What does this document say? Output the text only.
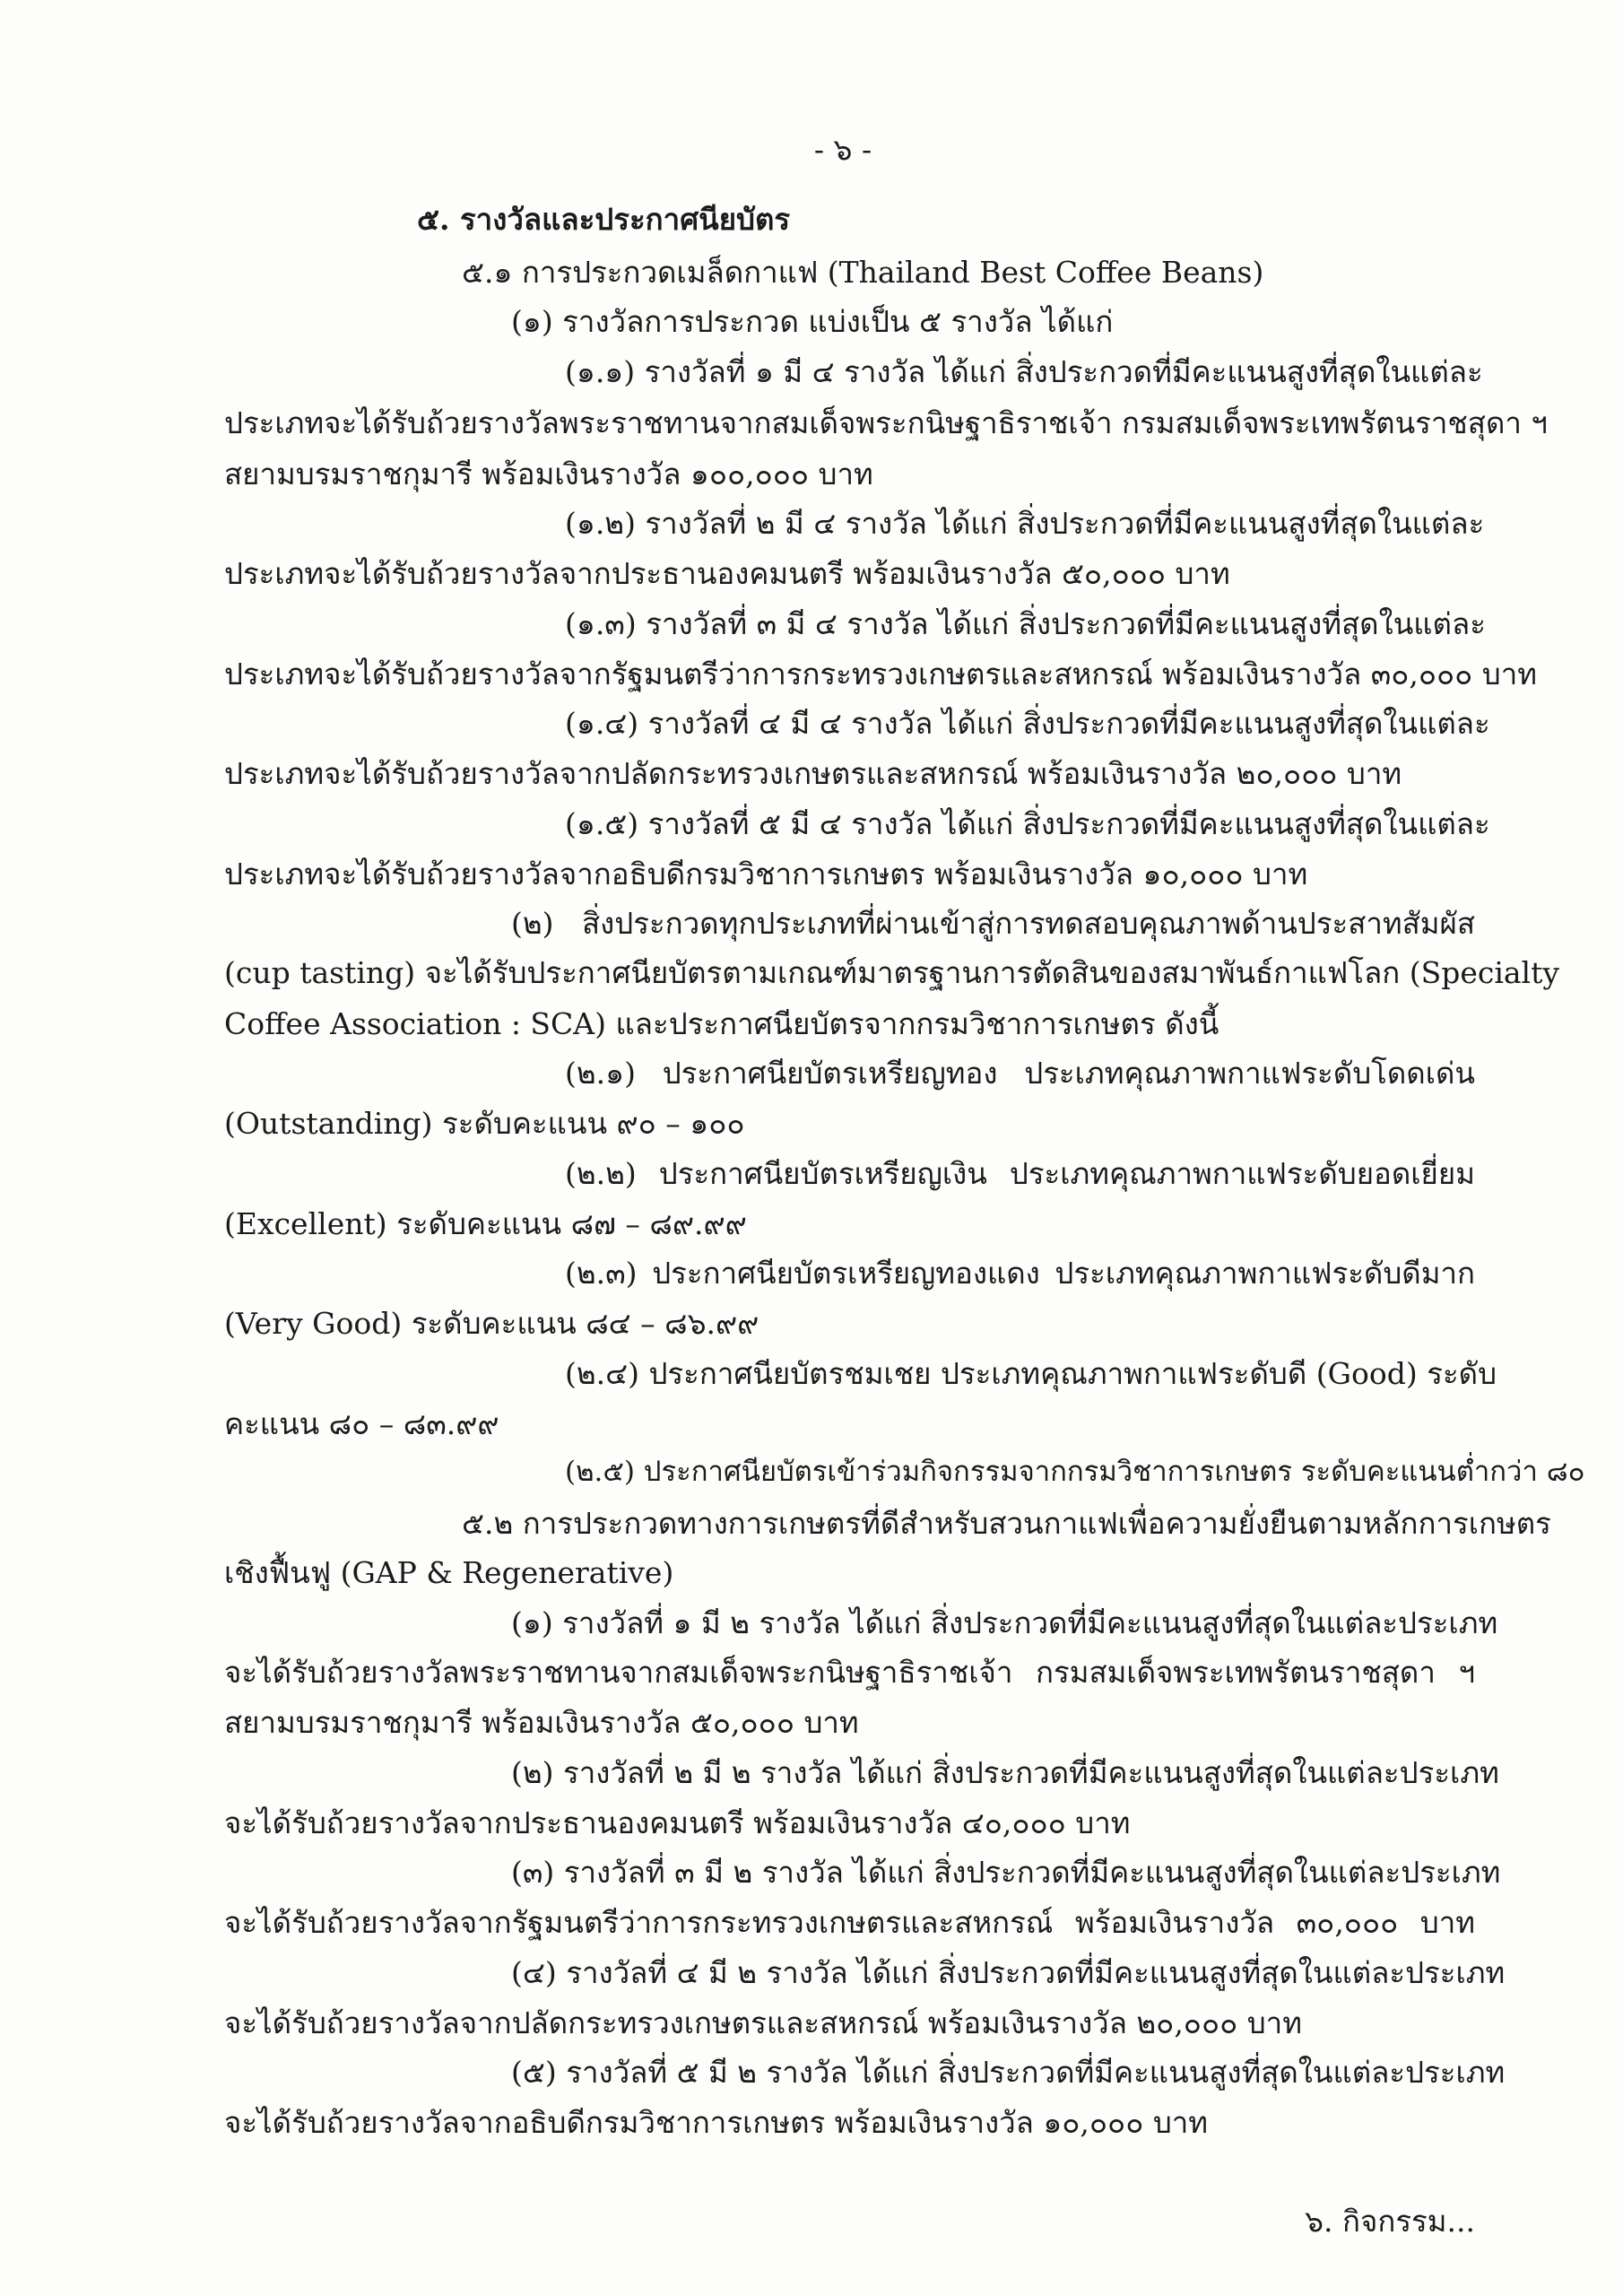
- ๖ -
๕. รางวัลและประกาศนียบัตร
๕.๑ การประกวดเมล็ดกาแฟ (Thailand Best Coffee Beans)
(๑) รางวัลการประกวด แบ่งเป็น ๕ รางวัล ได้แก่
(๑.๑) รางวัลที่ ๑ มี ๔ รางวัล ได้แก่ สิ่งประกวดที่มีคะแนนสูงที่สุดในแต่ละ
ประเภทจะได้รับถ้วยรางวัลพระราชทานจากสมเด็จพระกนิษฐาธิราชเจ้า กรมสมเด็จพระเทพรัตนราชสุดา ฯ
สยามบรมราชกุมารี พร้อมเงินรางวัล ๑๐๐,๐๐๐ บาท
(๑.๒) รางวัลที่ ๒ มี ๔ รางวัล ได้แก่ สิ่งประกวดที่มีคะแนนสูงที่สุดในแต่ละ
ประเภทจะได้รับถ้วยรางวัลจากประธานองคมนตรี พร้อมเงินรางวัล ๕๐,๐๐๐ บาท
(๑.๓) รางวัลที่ ๓ มี ๔ รางวัล ได้แก่ สิ่งประกวดที่มีคะแนนสูงที่สุดในแต่ละ
ประเภทจะได้รับถ้วยรางวัลจากรัฐมนตรีว่าการกระทรวงเกษตรและสหกรณ์ พร้อมเงินรางวัล ๓๐,๐๐๐ บาท
(๑.๔) รางวัลที่ ๔ มี ๔ รางวัล ได้แก่ สิ่งประกวดที่มีคะแนนสูงที่สุดในแต่ละ
ประเภทจะได้รับถ้วยรางวัลจากปลัดกระทรวงเกษตรและสหกรณ์ พร้อมเงินรางวัล ๒๐,๐๐๐ บาท
(๑.๕) รางวัลที่ ๕ มี ๔ รางวัล ได้แก่ สิ่งประกวดที่มีคะแนนสูงที่สุดในแต่ละ
ประเภทจะได้รับถ้วยรางวัลจากอธิบดีกรมวิชาการเกษตร พร้อมเงินรางวัล ๑๐,๐๐๐ บาท
(๒) สิ่งประกวดทุกประเภทที่ผ่านเข้าสู่การทดสอบคุณภาพด้านประสาทสัมผัส
(cup tasting) จะได้รับประกาศนียบัตรตามเกณฑ์มาตรฐานการตัดสินของสมาพันธ์กาแฟโลก (Specialty
Coffee Association : SCA) และประกาศนียบัตรจากกรมวิชาการเกษตร ดังนี้
(๒.๑) ประกาศนียบัตรเหรียญทอง ประเภทคุณภาพกาแฟระดับโดดเด่น
(Outstanding) ระดับคะแนน ๙๐ – ๑๐๐
(๒.๒) ประกาศนียบัตรเหรียญเงิน ประเภทคุณภาพกาแฟระดับยอดเยี่ยม
(Excellent) ระดับคะแนน ๘๗ – ๘๙.๙๙
(๒.๓) ประกาศนียบัตรเหรียญทองแดง ประเภทคุณภาพกาแฟระดับดีมาก
(Very Good) ระดับคะแนน ๘๔ – ๘๖.๙๙
(๒.๔) ประกาศนียบัตรชมเชย ประเภทคุณภาพกาแฟระดับดี (Good) ระดับ
คะแนน ๘๐ – ๘๓.๙๙
(๒.๕) ประกาศนียบัตรเข้าร่วมกิจกรรมจากกรมวิชาการเกษตร ระดับคะแนนต่ำกว่า ๘๐
๕.๒ การประกวดทางการเกษตรที่ดีสำหรับสวนกาแฟเพื่อความยั่งยืนตามหลักการเกษตร
เชิงฟื้นฟู (GAP & Regenerative)
(๑) รางวัลที่ ๑ มี ๒ รางวัล ได้แก่ สิ่งประกวดที่มีคะแนนสูงที่สุดในแต่ละประเภท
จะได้รับถ้วยรางวัลพระราชทานจากสมเด็จพระกนิษฐาธิราชเจ้า กรมสมเด็จพระเทพรัตนราชสุดา ฯ
สยามบรมราชกุมารี พร้อมเงินรางวัล ๕๐,๐๐๐ บาท
(๒) รางวัลที่ ๒ มี ๒ รางวัล ได้แก่ สิ่งประกวดที่มีคะแนนสูงที่สุดในแต่ละประเภท
จะได้รับถ้วยรางวัลจากประธานองคมนตรี พร้อมเงินรางวัล ๔๐,๐๐๐ บาท
(๓) รางวัลที่ ๓ มี ๒ รางวัล ได้แก่ สิ่งประกวดที่มีคะแนนสูงที่สุดในแต่ละประเภท
จะได้รับถ้วยรางวัลจากรัฐมนตรีว่าการกระทรวงเกษตรและสหกรณ์ พร้อมเงินรางวัล ๓๐,๐๐๐ บาท
(๔) รางวัลที่ ๔ มี ๒ รางวัล ได้แก่ สิ่งประกวดที่มีคะแนนสูงที่สุดในแต่ละประเภท
จะได้รับถ้วยรางวัลจากปลัดกระทรวงเกษตรและสหกรณ์ พร้อมเงินรางวัล ๒๐,๐๐๐ บาท
(๕) รางวัลที่ ๕ มี ๒ รางวัล ได้แก่ สิ่งประกวดที่มีคะแนนสูงที่สุดในแต่ละประเภท
จะได้รับถ้วยรางวัลจากอธิบดีกรมวิชาการเกษตร พร้อมเงินรางวัล ๑๐,๐๐๐ บาท
๖. กิจกรรม...
